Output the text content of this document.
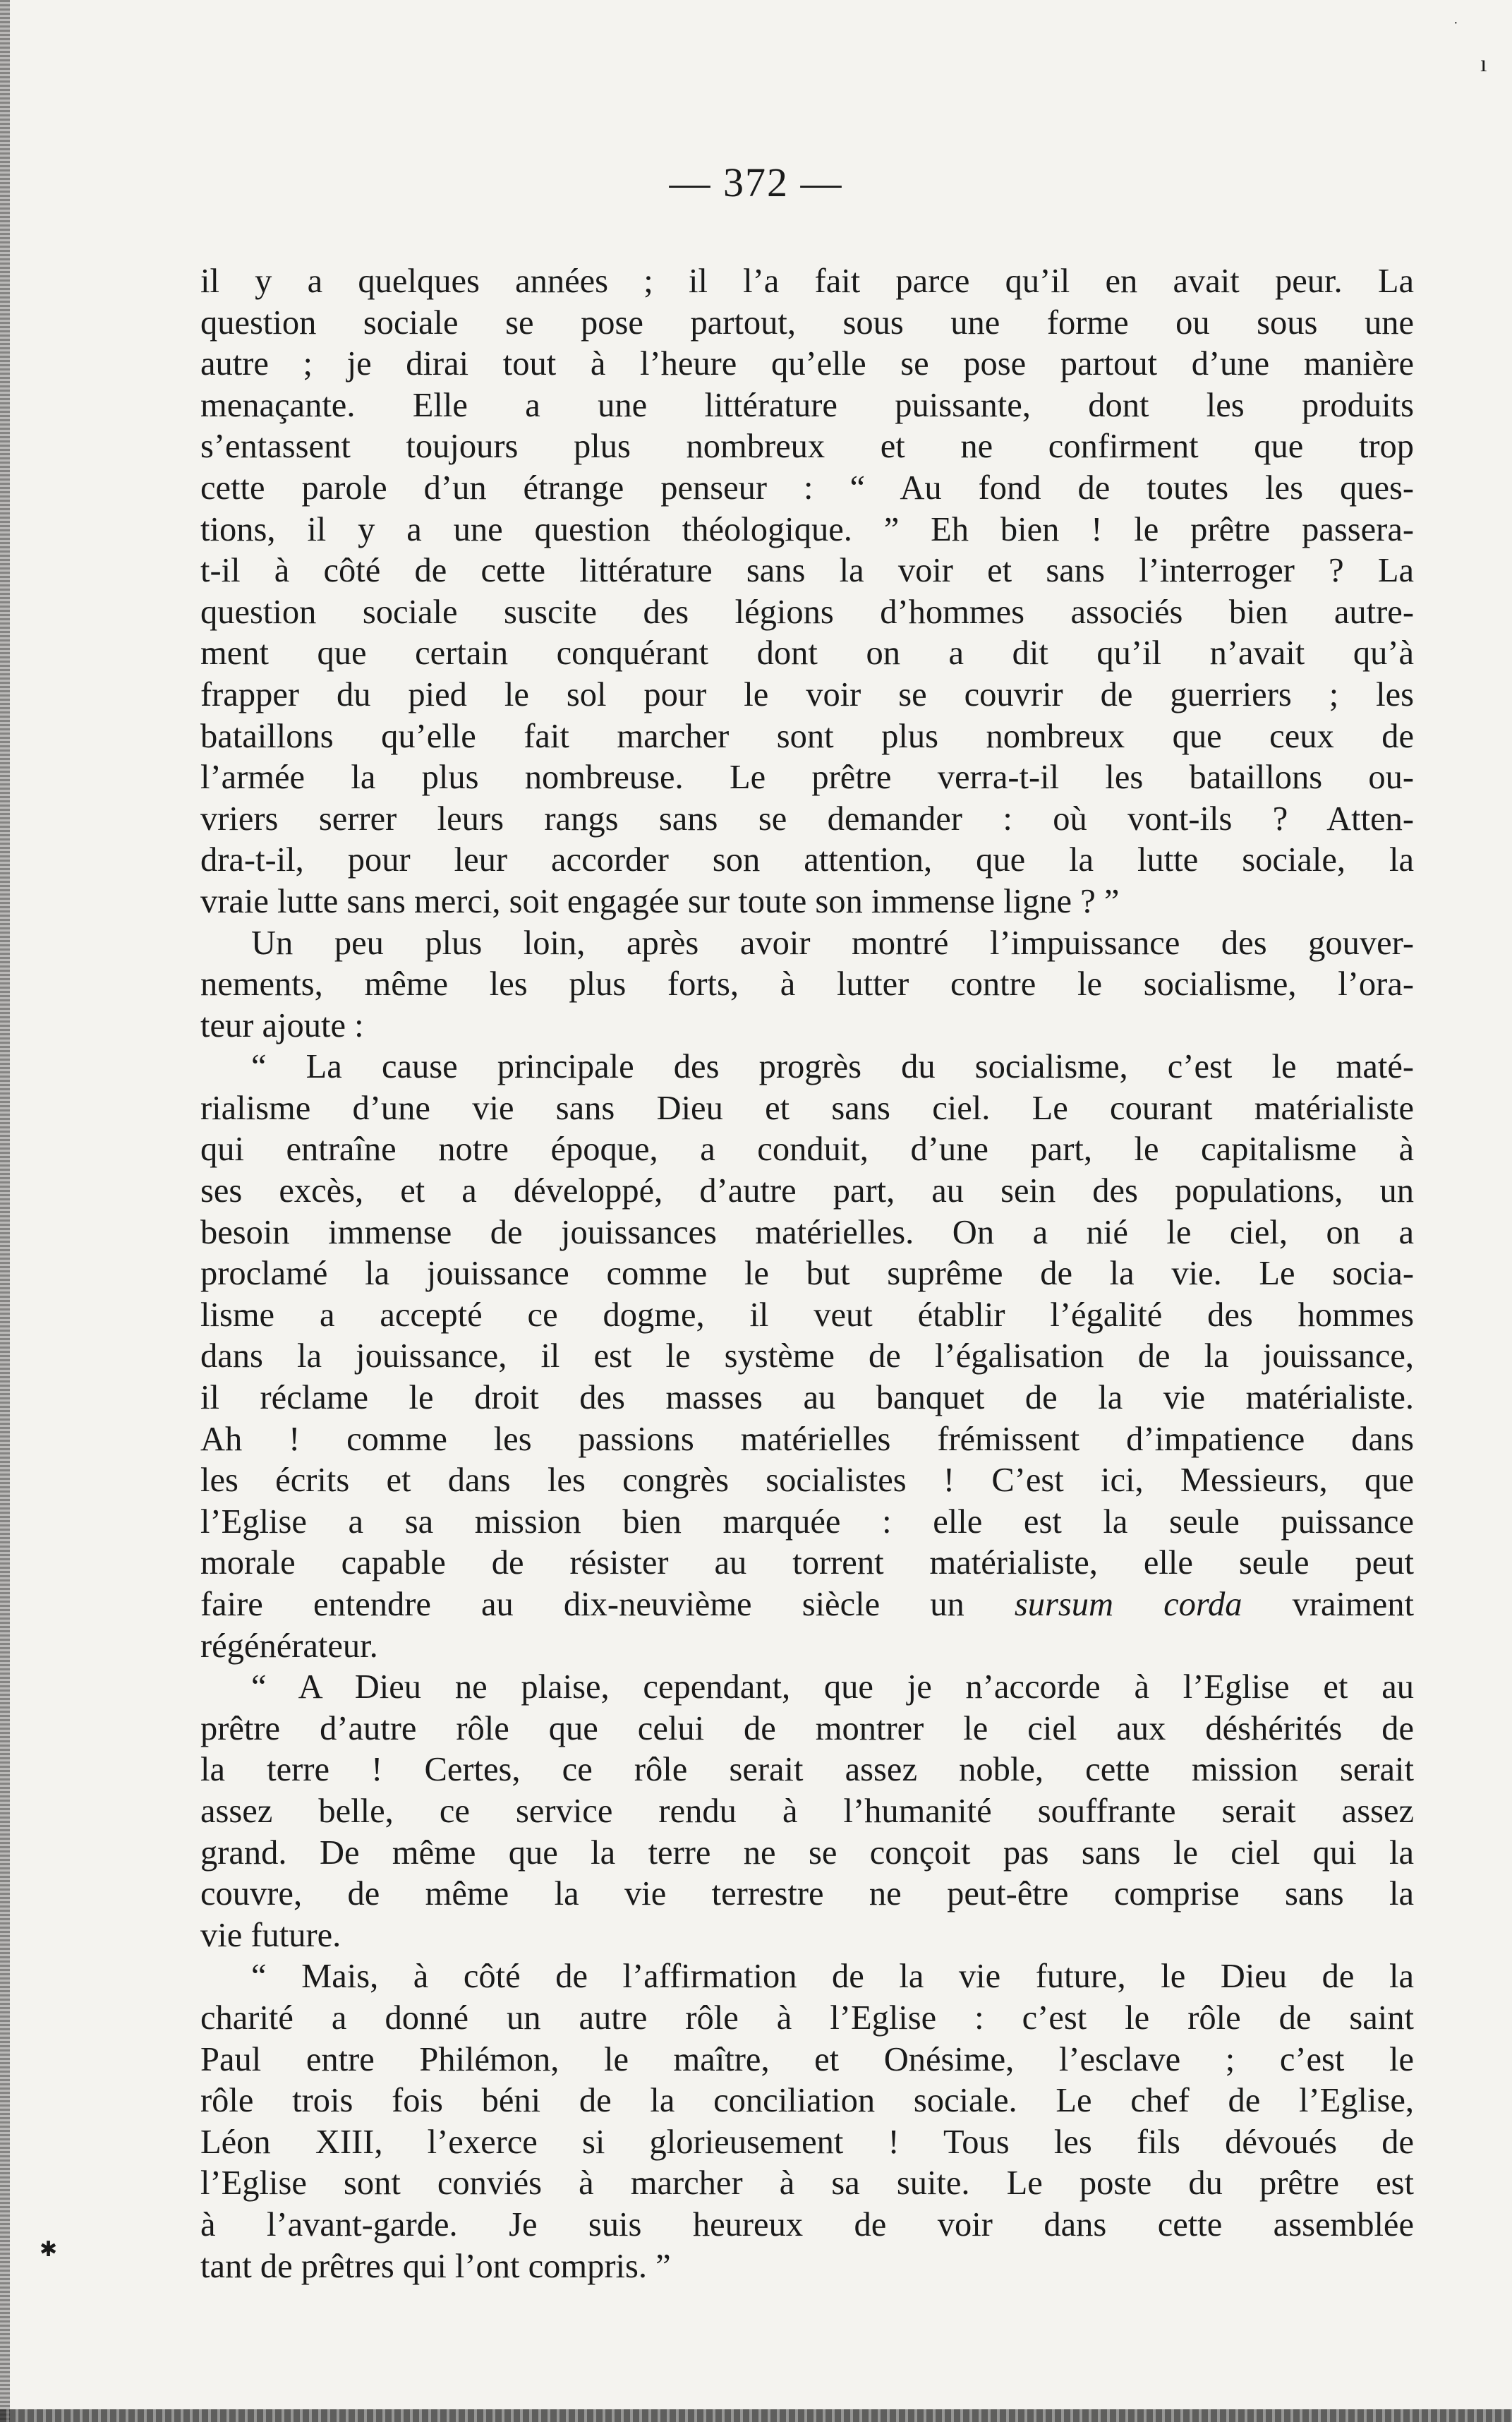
·
ı
✱
— 372 —
il y a quelques années ; il l’a fait parce qu’il en avait peur. La
question sociale se pose partout, sous une forme ou sous une
autre ; je dirai tout à l’heure qu’elle se pose partout d’une manière
menaçante. Elle a une littérature puissante, dont les produits
s’entassent toujours plus nombreux et ne confirment que trop
cette parole d’un étrange penseur : “ Au fond de toutes les ques-
tions, il y a une question théologique. ” Eh bien ! le prêtre passera-
t-il à côté de cette littérature sans la voir et sans l’interroger ? La
question sociale suscite des légions d’hommes associés bien autre-
ment que certain conquérant dont on a dit qu’il n’avait qu’à
frapper du pied le sol pour le voir se couvrir de guerriers ; les
bataillons qu’elle fait marcher sont plus nombreux que ceux de
l’armée la plus nombreuse. Le prêtre verra-t-il les bataillons ou-
vriers serrer leurs rangs sans se demander : où vont-ils ? Atten-
dra-t-il, pour leur accorder son attention, que la lutte sociale, la
vraie lutte sans merci, soit engagée sur toute son immense ligne ? ”
Un peu plus loin, après avoir montré l’impuissance des gouver-
nements, même les plus forts, à lutter contre le socialisme, l’ora-
teur ajoute :
“ La cause principale des progrès du socialisme, c’est le maté-
rialisme d’une vie sans Dieu et sans ciel. Le courant matérialiste
qui entraîne notre époque, a conduit, d’une part, le capitalisme à
ses excès, et a développé, d’autre part, au sein des populations, un
besoin immense de jouissances matérielles. On a nié le ciel, on a
proclamé la jouissance comme le but suprême de la vie. Le socia-
lisme a accepté ce dogme, il veut établir l’égalité des hommes
dans la jouissance, il est le système de l’égalisation de la jouissance,
il réclame le droit des masses au banquet de la vie matérialiste.
Ah ! comme les passions matérielles frémissent d’impatience dans
les écrits et dans les congrès socialistes ! C’est ici, Messieurs, que
l’Eglise a sa mission bien marquée : elle est la seule puissance
morale capable de résister au torrent matérialiste, elle seule peut
faire entendre au dix-neuvième siècle un sursum corda vraiment
régénérateur.
“ A Dieu ne plaise, cependant, que je n’accorde à l’Eglise et au
prêtre d’autre rôle que celui de montrer le ciel aux déshérités de
la terre ! Certes, ce rôle serait assez noble, cette mission serait
assez belle, ce service rendu à l’humanité souffrante serait assez
grand. De même que la terre ne se conçoit pas sans le ciel qui la
couvre, de même la vie terrestre ne peut-être comprise sans la
vie future.
“ Mais, à côté de l’affirmation de la vie future, le Dieu de la
charité a donné un autre rôle à l’Eglise : c’est le rôle de saint
Paul entre Philémon, le maître, et Onésime, l’esclave ; c’est le
rôle trois fois béni de la conciliation sociale. Le chef de l’Eglise,
Léon XIII, l’exerce si glorieusement ! Tous les fils dévoués de
l’Eglise sont conviés à marcher à sa suite. Le poste du prêtre est
à l’avant-garde. Je suis heureux de voir dans cette assemblée
tant de prêtres qui l’ont compris. ”
